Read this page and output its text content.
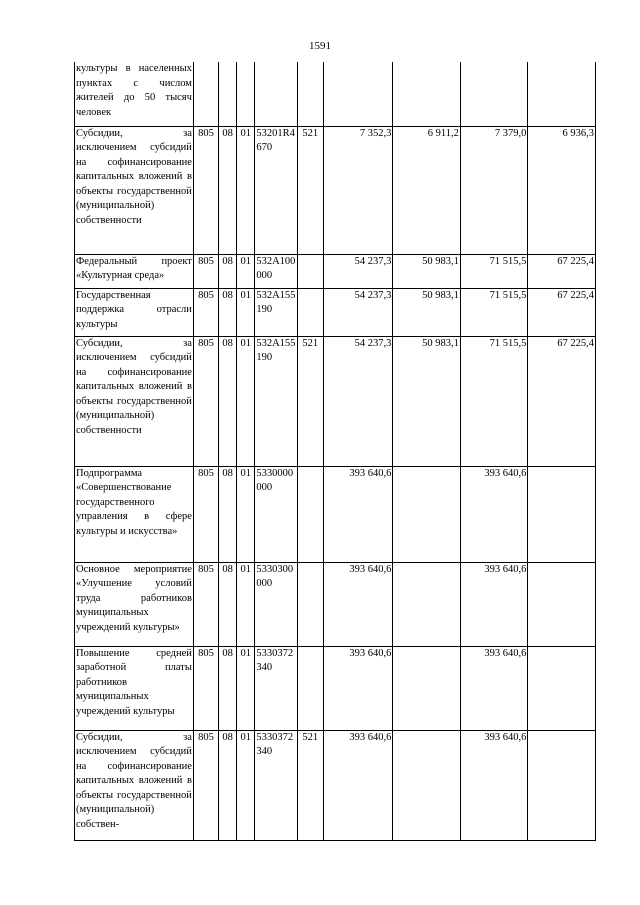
1591
культуры в населенных пунктах с числом жителей до 50 тысяч человек									
Субсидии, за исключением субсидий на софинансирование капитальных вложений в объекты государственной (муниципальной) собственности	805	08	01	53201R4670	521	7 352,3	6 911,2	7 379,0	6 936,3
Федеральный проект «Культурная среда»	805	08	01	532А100000		54 237,3	50 983,1	71 515,5	67 225,4
Государственная поддержка отрасли культуры	805	08	01	532А155190		54 237,3	50 983,1	71 515,5	67 225,4
Субсидии, за исключением субсидий на софинансирование капитальных вложений в объекты государственной (муниципальной) собственности	805	08	01	532А155190	521	54 237,3	50 983,1	71 515,5	67 225,4
Подпрограмма «Совершенствование государственного управления в сфере культуры и искусства»	805	08	01	5330000000		393 640,6		393 640,6	
Основное мероприятие «Улучшение условий труда работников муниципальных учреждений культуры»	805	08	01	5330300000		393 640,6		393 640,6	
Повышение средней заработной платы работников муниципальных учреждений культуры	805	08	01	5330372340		393 640,6		393 640,6	
Субсидии, за исключением субсидий на софинансирование капитальных вложений в объекты государственной (муниципальной) собствен-	805	08	01	5330372340	521	393 640,6		393 640,6	
